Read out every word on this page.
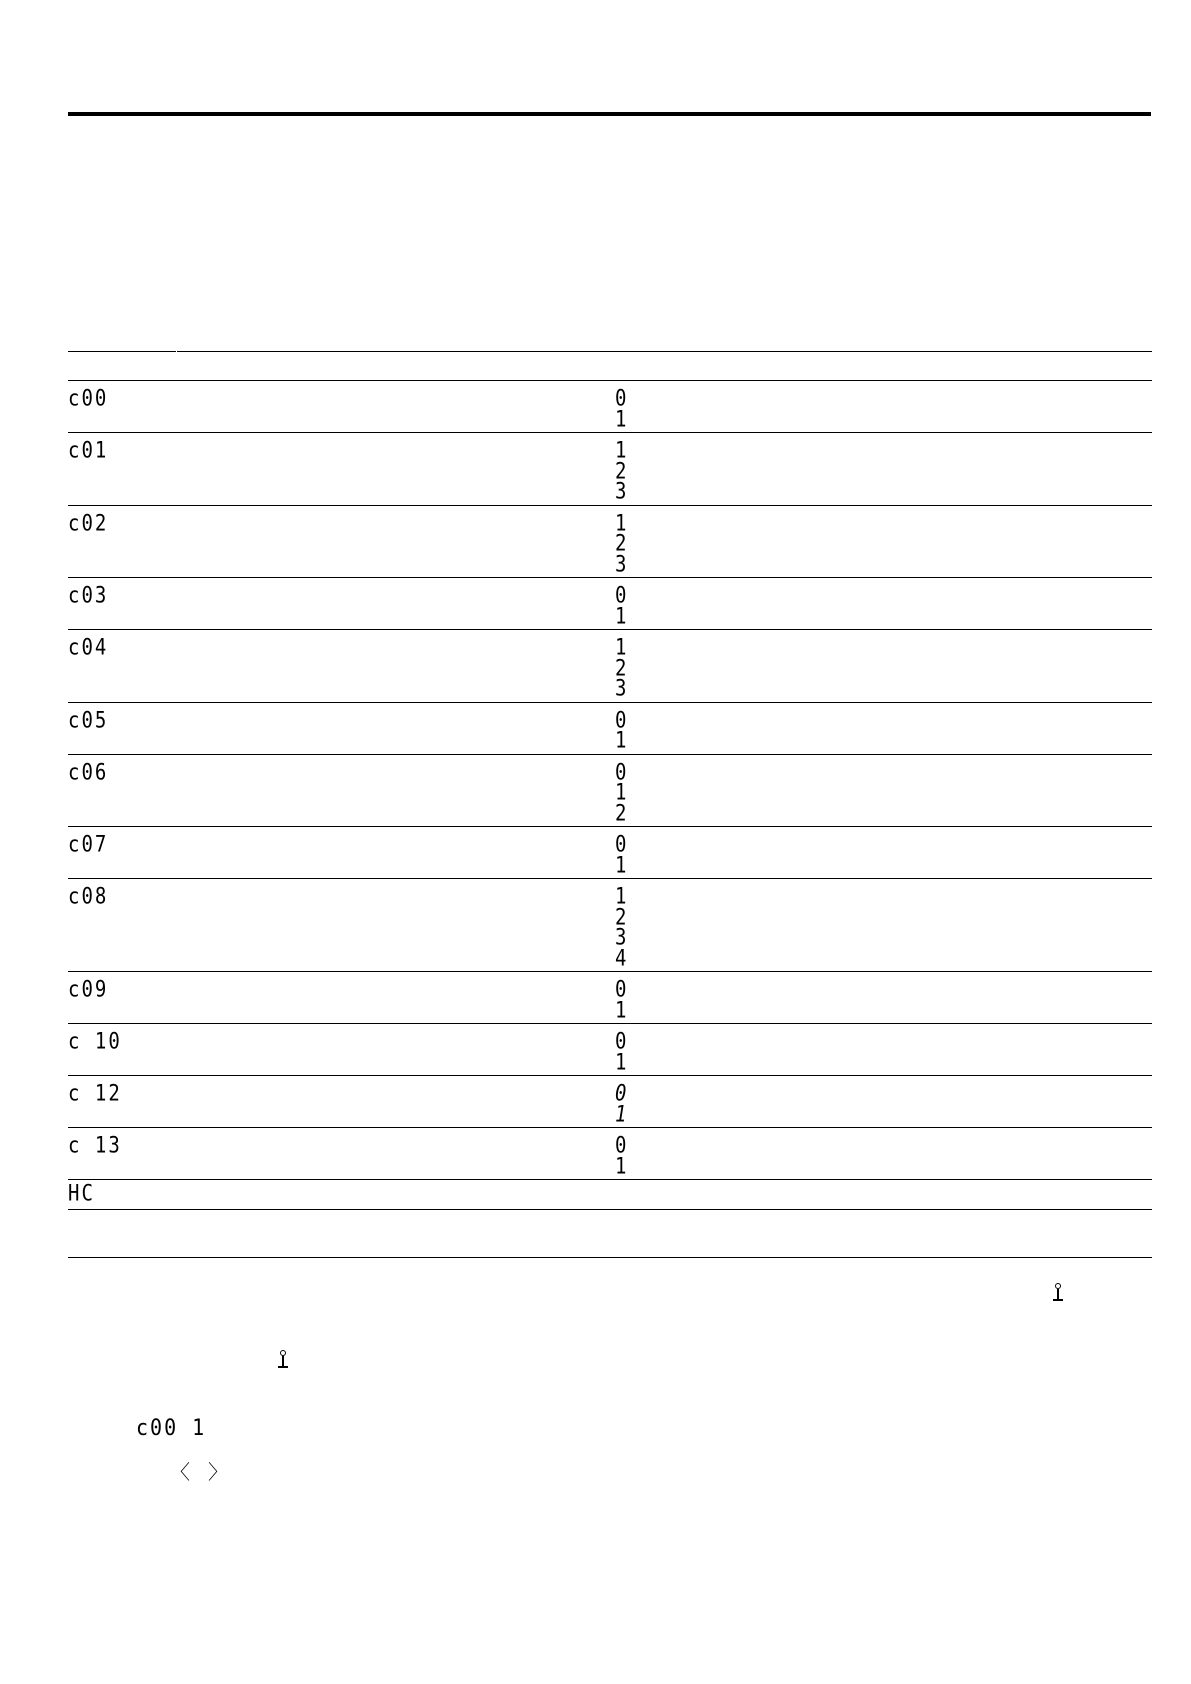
c00		0
1

c01		1
2
3

c02		1
2
3

c03		0
1

c04		1
2
3

c05		0
1

c06		0
1
2

c07		0
1

c08		1
2
3
4

c09		0
1

c 10		0
1

c 12		0
1

c 13		0
1

HC		

c00 1
〈 〉
